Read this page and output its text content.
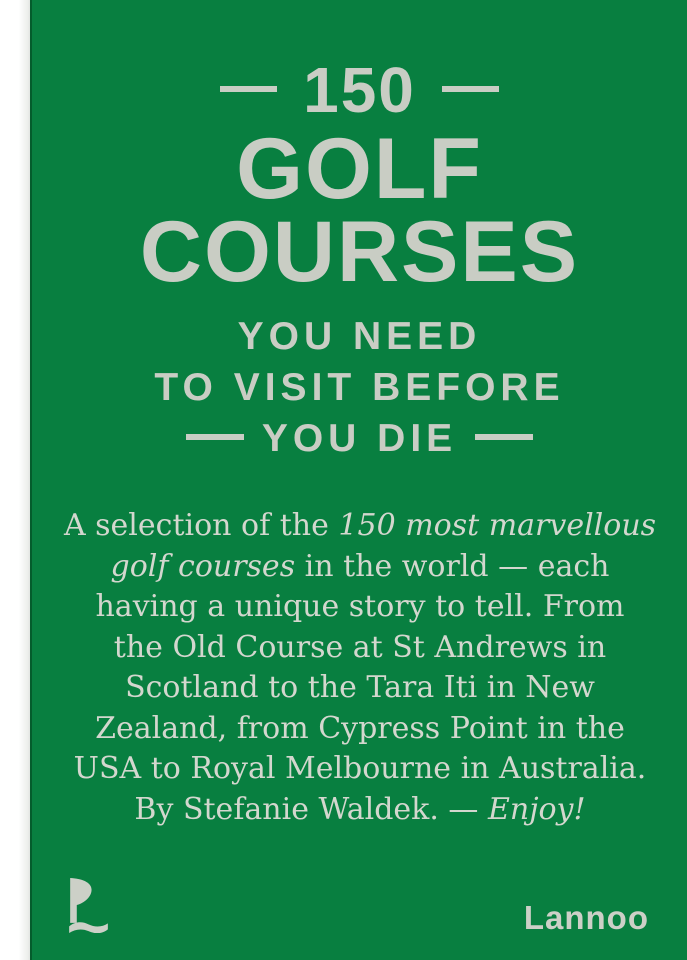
150
GOLF
COURSES
YOU NEED
TO VISIT BEFORE
YOU DIE
A selection of the 150 most marvellous
golf courses in the world — each
having a unique story to tell. From
the Old Course at St Andrews in
Scotland to the Tara Iti in New
Zealand, from Cypress Point in the
USA to Royal Melbourne in Australia.
By Stefanie Waldek. — Enjoy!
Lannoo
